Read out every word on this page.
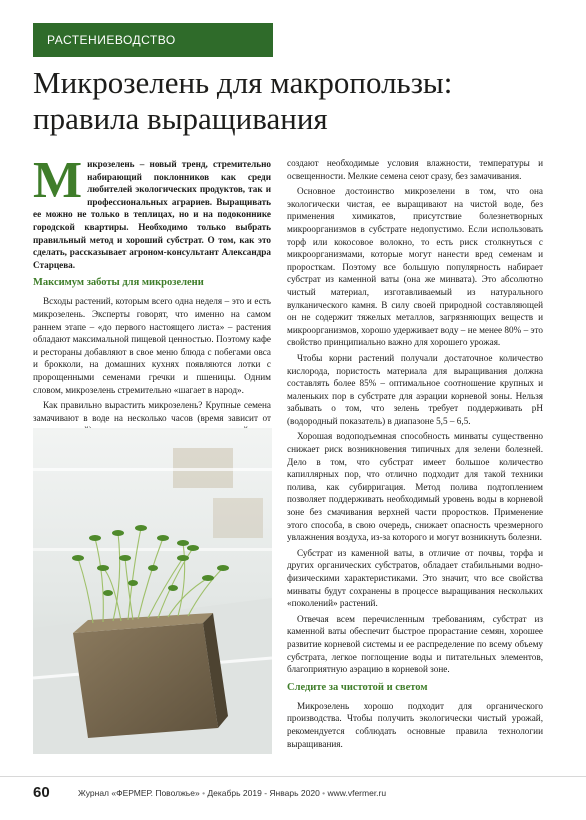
РАСТЕНИЕВОДСТВО
Микрозелень для макропользы:
правила выращивания

Микрозелень – новый тренд, стремительно набирающий поклонников как среди любителей экологических продуктов, так и профессиональных аграриев. Выращивать ее можно не только в теплицах, но и на подоконнике городской квартиры. Необходимо только выбрать правильный метод и хороший субстрат. О том, как это сделать, рассказывает агроном-консультант Александра Старцева.

Максимум заботы для микрозелени

Всходы растений, которым всего одна неделя – это и есть микрозелень. Эксперты говорят, что именно на самом раннем этапе – «до первого настоящего листа» – растения обладают максимальной пищевой ценностью. Поэтому кафе и рестораны добавляют в свое меню блюда с побегами овса и брокколи, на домашних кухнях появляются лотки с пророщенными семенами гречки и пшеницы. Одним словом, микрозелень стремительно «шагает в народ».

Как правильно вырастить микрозелень? Крупные семена замачивают в воде на несколько часов (время зависит от

создают необходимые условия влажности, температуры и освещенности. Мелкие семена сеют сразу, без замачивания.

Основное достоинство микрозелени в том, что она экологически чистая, ее выращивают на чистой воде, без применения химикатов, присутствие болезнетворных микроорганизмов в субстрате недопустимо. Если использовать торф или кокосовое волокно, то есть риск столкнуться с микроорганизмами, которые могут нанести вред семенам и проросткам. Поэтому все большую популярность набирает субстрат из каменной ваты (она же минвата). Это абсолютно чистый материал, изготавливаемый из натурального вулканического камня. В силу своей природной составляющей он не содержит тяжелых металлов, загрязняющих веществ и микроорганизмов, хорошо удерживает воду – не менее 80% – это свойство принципиально важно для хорошего урожая.

Чтобы корни растений получали достаточное количество кислорода, пористость материала для выращивания должна составлять более 85% – оптимальное соотношение крупных и маленьких пор в субстрате для аэрации корневой зоны. Нельзя забывать о том, что зелень требует поддерживать pH (водородный показатель) в диапазоне 5,5 – 6,5.

Хорошая водоподъемная способность минваты существенно снижает риск возникновения типичных для зелени болезней. Дело в том, что субстрат имеет большое количество капиллярных пор, что отлично подходит для такой техники полива, как субирригация. Метод полива подтоплением позволяет поддерживать необходимый уровень воды в корневой зоне без смачивания верхней части проростков. Применение этого способа, в свою очередь, снижает опасность чрезмерного увлажнения воздуха, из-за которого и могут возникнуть болезни.

Субстрат из каменной ваты, в отличие от почвы, торфа и других органических субстратов, обладает стабильными водно-физическими характеристиками. Это значит, что все свойства минваты будут сохранены в процессе выращивания нескольких «поколений» растений.

Отвечая всем перечисленным требованиям, субстрат из каменной ваты обеспечит быстрое прорастание семян, хорошее развитие корневой системы и ее распределение по всему объему субстрата, легкое поглощение воды и питательных элементов, благоприятную аэрацию в корневой зоне.

Следите за чистотой и светом

Микрозелень хорошо подходит для органического производства. Чтобы получить экологически чистый урожай, рекомендуется соблюдать основные правила технологии выращивания.

60	Журнал «ФЕРМЕР. Поволжье» • Декабрь 2019 - Январь 2020 • www.vfermer.ru
